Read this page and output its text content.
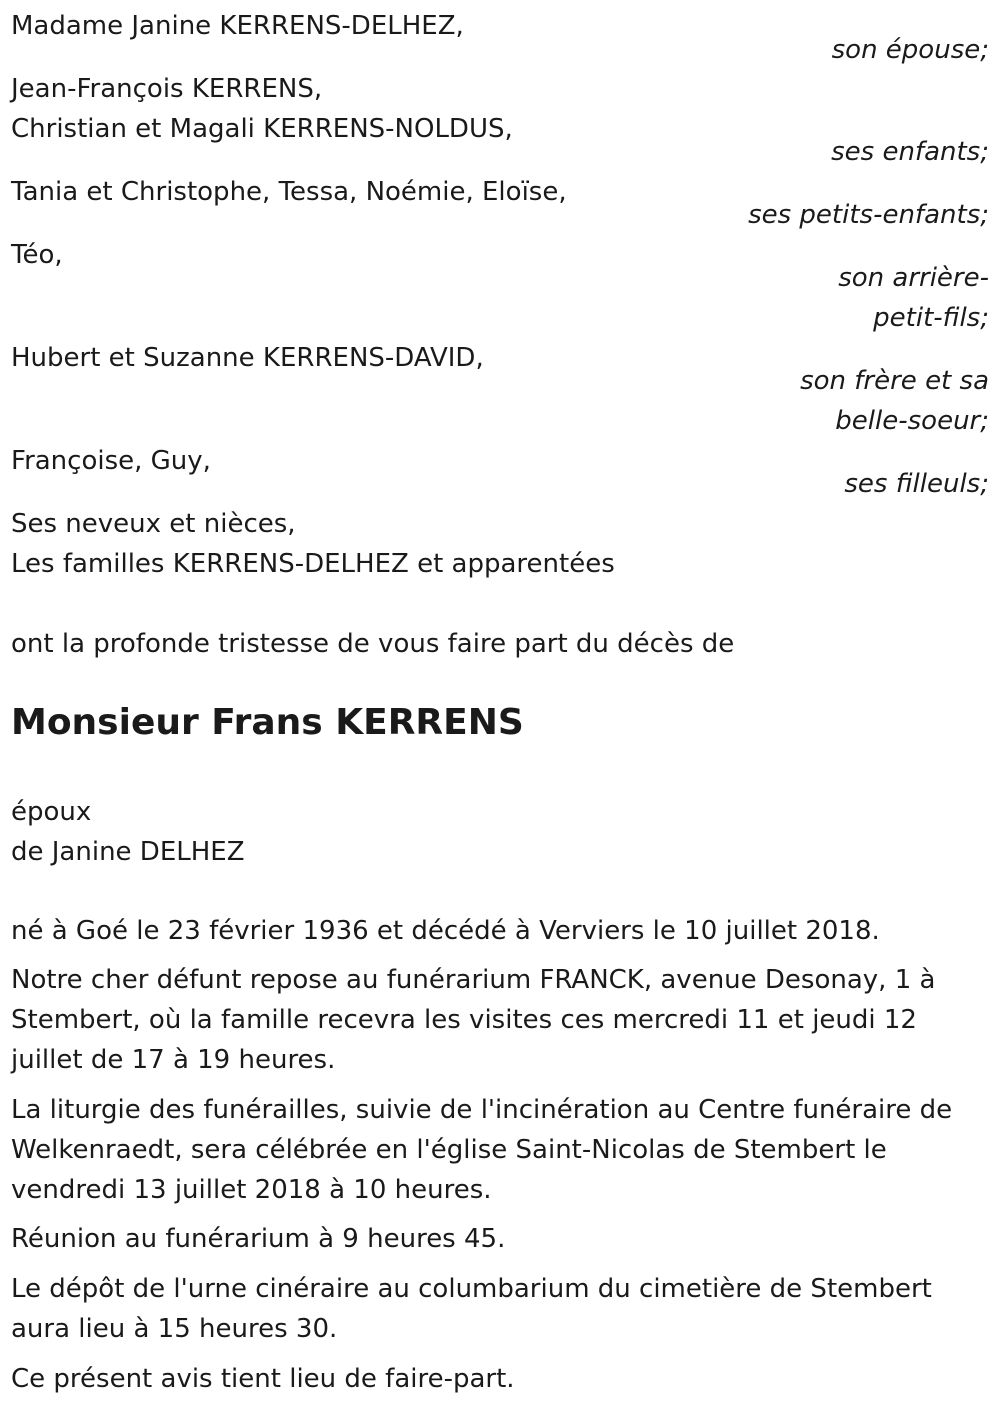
Madame Janine KERRENS-DELHEZ,
son épouse;
Jean-François KERRENS,
Christian et Magali KERRENS-NOLDUS,
ses enfants;
Tania et Christophe, Tessa, Noémie, Eloïse,
ses petits-enfants;
Téo,
son arrière-
petit-fils;
Hubert et Suzanne KERRENS-DAVID,
son frère et sa
belle-soeur;
Françoise, Guy,
ses filleuls;
Ses neveux et nièces,
Les familles KERRENS-DELHEZ et apparentées
ont la profonde tristesse de vous faire part du décès de
Monsieur Frans KERRENS
époux
de Janine DELHEZ
né à Goé le 23 février 1936 et décédé à Verviers le 10 juillet 2018.
Notre cher défunt repose au funérarium FRANCK, avenue Desonay, 1 à
Stembert, où la famille recevra les visites ces mercredi 11 et jeudi 12
juillet de 17 à 19 heures.
La liturgie des funérailles, suivie de l'incinération au Centre funéraire de
Welkenraedt, sera célébrée en l'église Saint-Nicolas de Stembert le
vendredi 13 juillet 2018 à 10 heures.
Réunion au funérarium à 9 heures 45.
Le dépôt de l'urne cinéraire au columbarium du cimetière de Stembert
aura lieu à 15 heures 30.
Ce présent avis tient lieu de faire-part.
